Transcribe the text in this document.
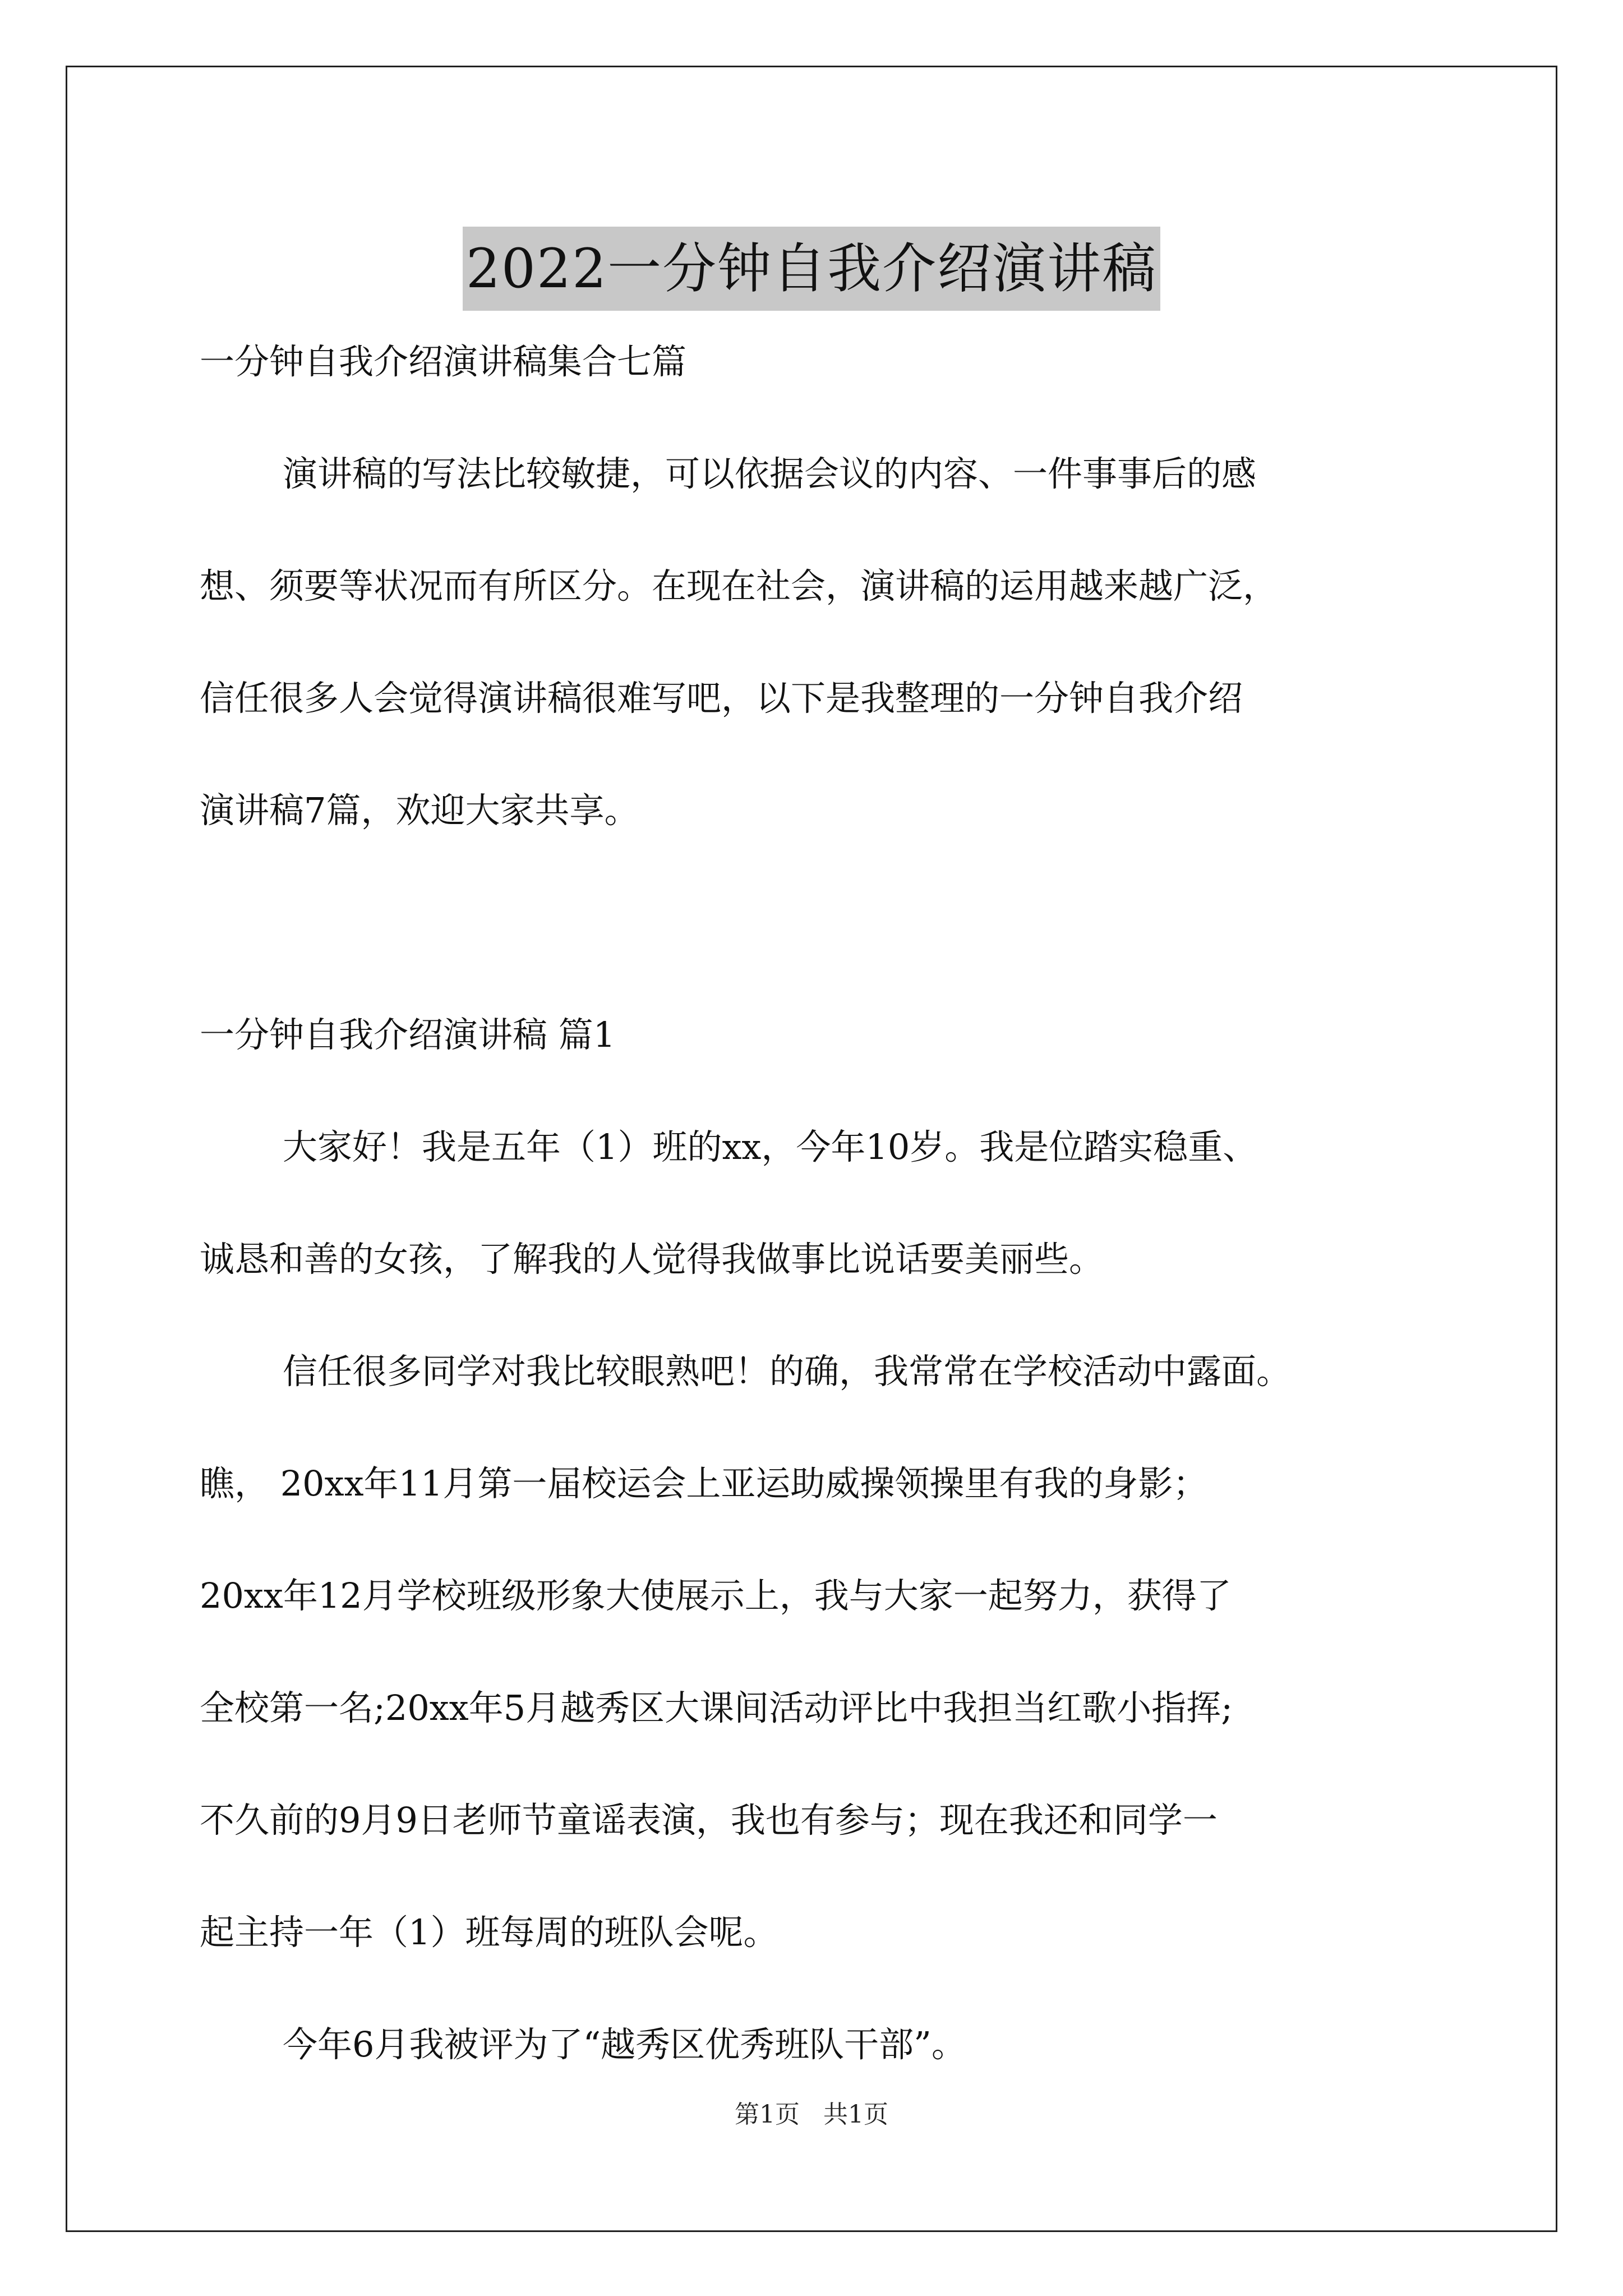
2022一分钟自我介绍演讲稿

一分钟自我介绍演讲稿集合七篇

演讲稿的写法比较敏捷，可以依据会议的内容、一件事事后的感

想、须要等状况而有所区分。在现在社会，演讲稿的运用越来越广泛，

信任很多人会觉得演讲稿很难写吧，以下是我整理的一分钟自我介绍

演讲稿7篇，欢迎大家共享。

一分钟自我介绍演讲稿 篇1

大家好！我是五年（1）班的xx，今年10岁。我是位踏实稳重、

诚恳和善的女孩，了解我的人觉得我做事比说话要美丽些。

信任很多同学对我比较眼熟吧！的确，我常常在学校活动中露面。

瞧， 20xx年11月第一届校运会上亚运助威操领操里有我的身影；

20xx年12月学校班级形象大使展示上，我与大家一起努力，获得了

全校第一名;20xx年5月越秀区大课间活动评比中我担当红歌小指挥;

不久前的9月9日老师节童谣表演，我也有参与；现在我还和同学一

起主持一年（1）班每周的班队会呢。

今年6月我被评为了“越秀区优秀班队干部”。

第1页 共1页
